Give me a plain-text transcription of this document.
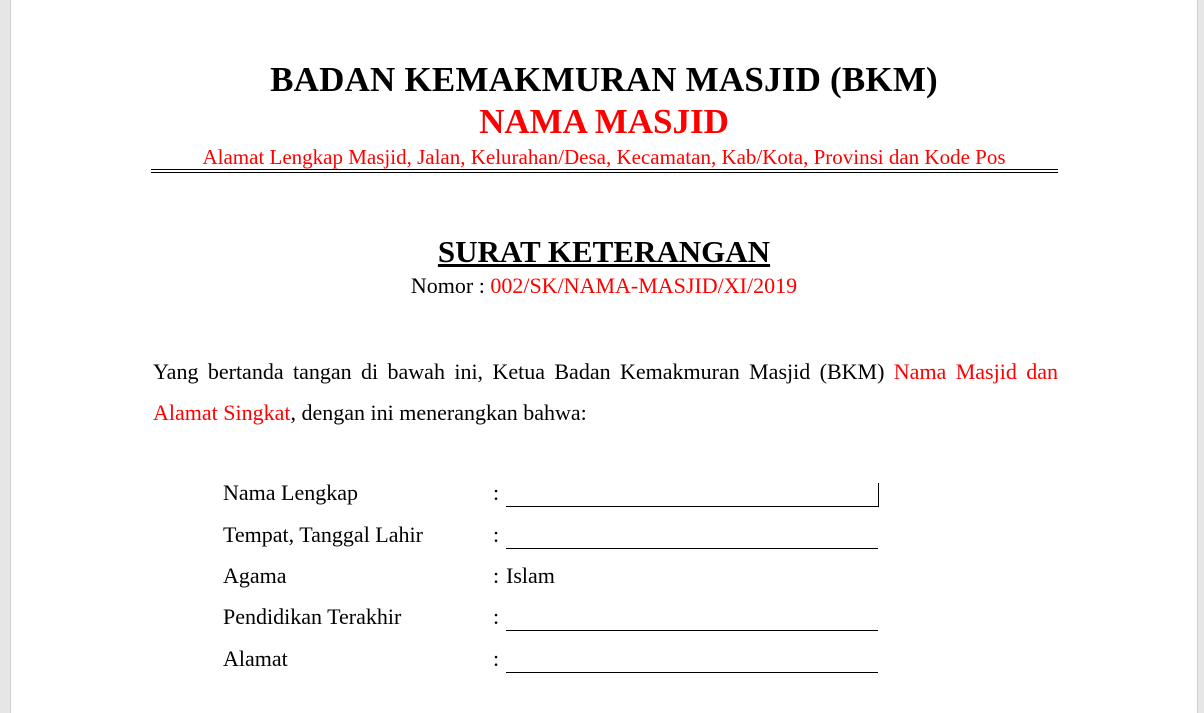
BADAN KEMAKMURAN MASJID (BKM)
NAMA MASJID
Alamat Lengkap Masjid, Jalan, Kelurahan/Desa, Kecamatan, Kab/Kota, Provinsi dan Kode Pos
SURAT KETERANGAN
Nomor : 002/SK/NAMA-MASJID/XI/2019
Yang bertanda tangan di bawah ini, Ketua Badan Kemakmuran Masjid (BKM) Nama Masjid dan Alamat Singkat, dengan ini menerangkan bahwa:
Nama Lengkap	:
Tempat, Tanggal Lahir	:
Agama	: Islam
Pendidikan Terakhir	:
Alamat	:
